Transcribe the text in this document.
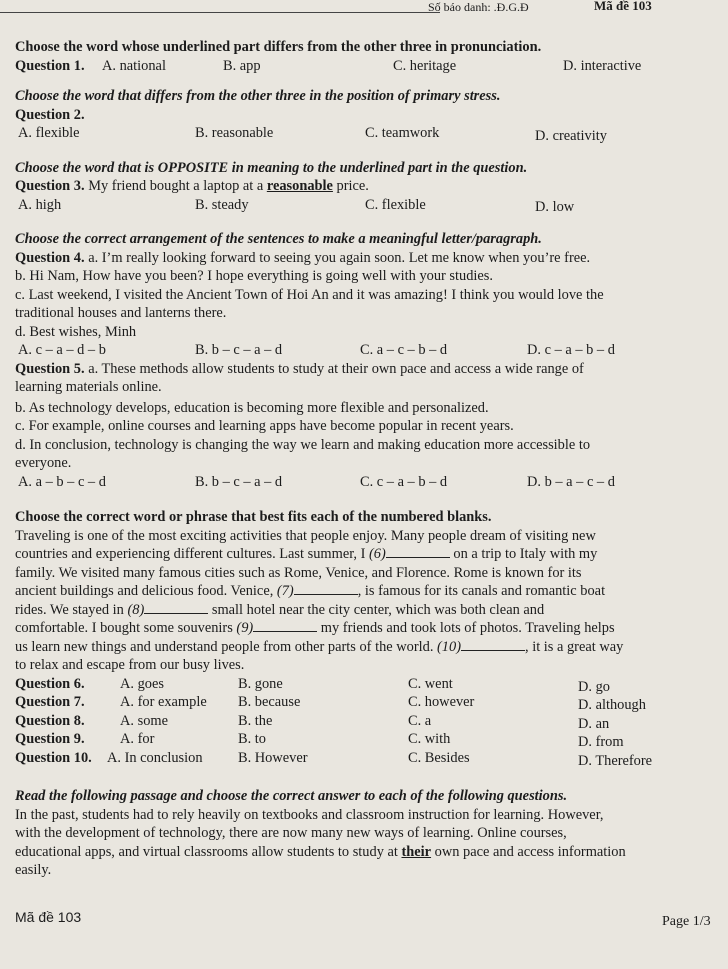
Số báo danh: .Đ.G.Đ	Mã đề 103
Choose the word whose underlined part differs from the other three in pronunciation.
Question 1. A. national	B. app	C. heritage	D. interactive
Choose the word that differs from the other three in the position of primary stress.
Question 2.
A. flexible	B. reasonable	C. teamwork	D. creativity
Choose the word that is OPPOSITE in meaning to the underlined part in the question.
Question 3. My friend bought a laptop at a reasonable price.
A. high	B. steady	C. flexible	D. low
Choose the correct arrangement of the sentences to make a meaningful letter/paragraph.
Question 4. a. I’m really looking forward to seeing you again soon. Let me know when you’re free.
b. Hi Nam, How have you been? I hope everything is going well with your studies.
c. Last weekend, I visited the Ancient Town of Hoi An and it was amazing! I think you would love the
traditional houses and lanterns there.
d. Best wishes, Minh
A. c – a – d – b	B. b – c – a – d	C. a – c – b – d	D. c – a – b – d
Question 5. a. These methods allow students to study at their own pace and access a wide range of
learning materials online.
b. As technology develops, education is becoming more flexible and personalized.
c. For example, online courses and learning apps have become popular in recent years.
d. In conclusion, technology is changing the way we learn and making education more accessible to
everyone.
A. a – b – c – d	B. b – c – a – d	C. c – a – b – d	D. b – a – c – d
Choose the correct word or phrase that best fits each of the numbered blanks.
Traveling is one of the most exciting activities that people enjoy. Many people dream of visiting new
countries and experiencing different cultures. Last summer, I (6)	on a trip to Italy with my
family. We visited many famous cities such as Rome, Venice, and Florence. Rome is known for its
ancient buildings and delicious food. Venice, (7)	, is famous for its canals and romantic boat
rides. We stayed in (8)	small hotel near the city center, which was both clean and
comfortable. I bought some souvenirs (9)	my friends and took lots of photos. Traveling helps
us learn new things and understand people from other parts of the world. (10)	, it is a great way
to relax and escape from our busy lives.
Question 6. A. goes	B. gone	C. went	D. go
Question 7. A. for example B. because	C. however	D. although
Question 8. A. some	B. the	C. a	D. an
Question 9. A. for	B. to	C. with	D. from
Question 10. A. In conclusion B. However	C. Besides	D. Therefore
Read the following passage and choose the correct answer to each of the following questions.
In the past, students had to rely heavily on textbooks and classroom instruction for learning. However,
with the development of technology, there are now many new ways of learning. Online courses,
educational apps, and virtual classrooms allow students to study at their own pace and access information
easily.
Mã đề 103	Page 1/3
